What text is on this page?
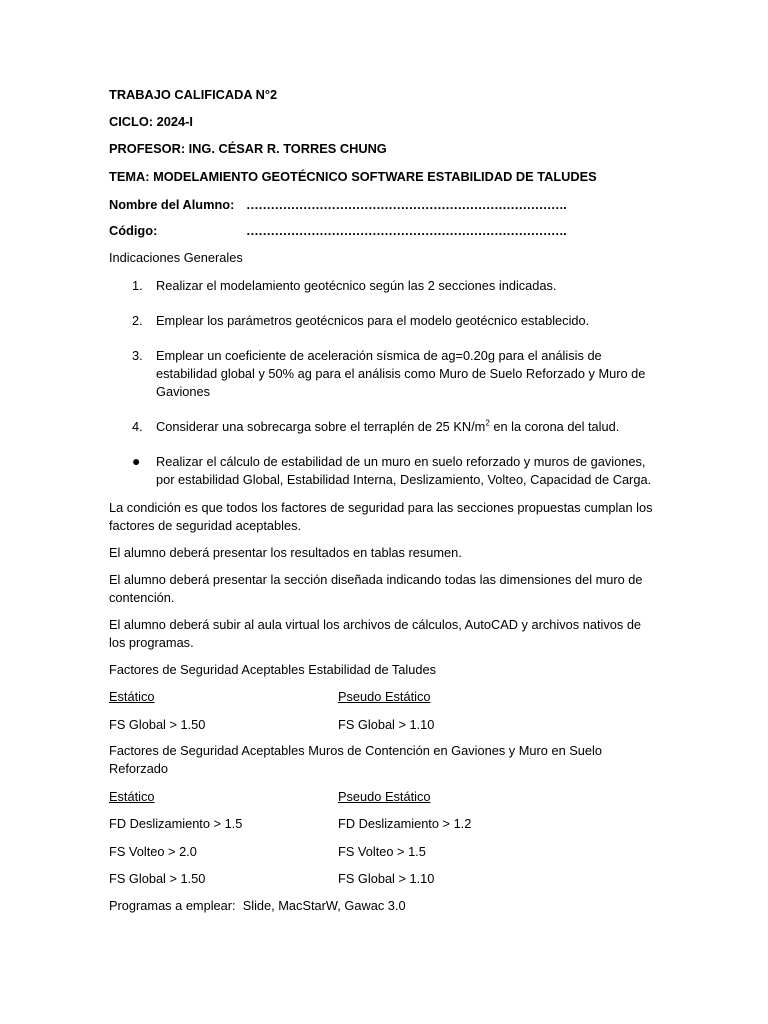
TRABAJO CALIFICADA N°2
CICLO: 2024-I
PROFESOR: ING. CÉSAR R. TORRES CHUNG
TEMA: MODELAMIENTO GEOTÉCNICO SOFTWARE ESTABILIDAD DE TALUDES
Nombre del Alumno: …………………………………………………………………….
Código:	…………………………………………………………………….
Indicaciones Generales
1.	Realizar el modelamiento geotécnico según las 2 secciones indicadas.
2.	Emplear los parámetros geotécnicos para el modelo geotécnico establecido.
3.	Emplear un coeficiente de aceleración sísmica de ag=0.20g para el análisis de estabilidad global y 50% ag para el análisis como Muro de Suelo Reforzado y Muro de Gaviones
4.	Considerar una sobrecarga sobre el terraplén de 25 $KN/m^2$ en la corona del talud.
● Realizar el cálculo de estabilidad de un muro en suelo reforzado y muros de gaviones, por estabilidad Global, Estabilidad Interna, Deslizamiento, Volteo, Capacidad de Carga.
La condición es que todos los factores de seguridad para las secciones propuestas cumplan los factores de seguridad aceptables.
El alumno deberá presentar los resultados en tablas resumen.
El alumno deberá presentar la sección diseñada indicando todas las dimensiones del muro de contención.
El alumno deberá subir al aula virtual los archivos de cálculos, AutoCAD y archivos nativos de los programas.
Factores de Seguridad Aceptables Estabilidad de Taludes
Estático	Pseudo Estático
FS Global > 1.50	FS Global > 1.10
Factores de Seguridad Aceptables Muros de Contención en Gaviones y Muro en Suelo Reforzado
Estático	Pseudo Estático
FD Deslizamiento > 1.5	FD Deslizamiento > 1.2
FS Volteo > 2.0	FS Volteo > 1.5
FS Global > 1.50	FS Global > 1.10
Programas a emplear:  Slide, MacStarW, Gawac 3.0
